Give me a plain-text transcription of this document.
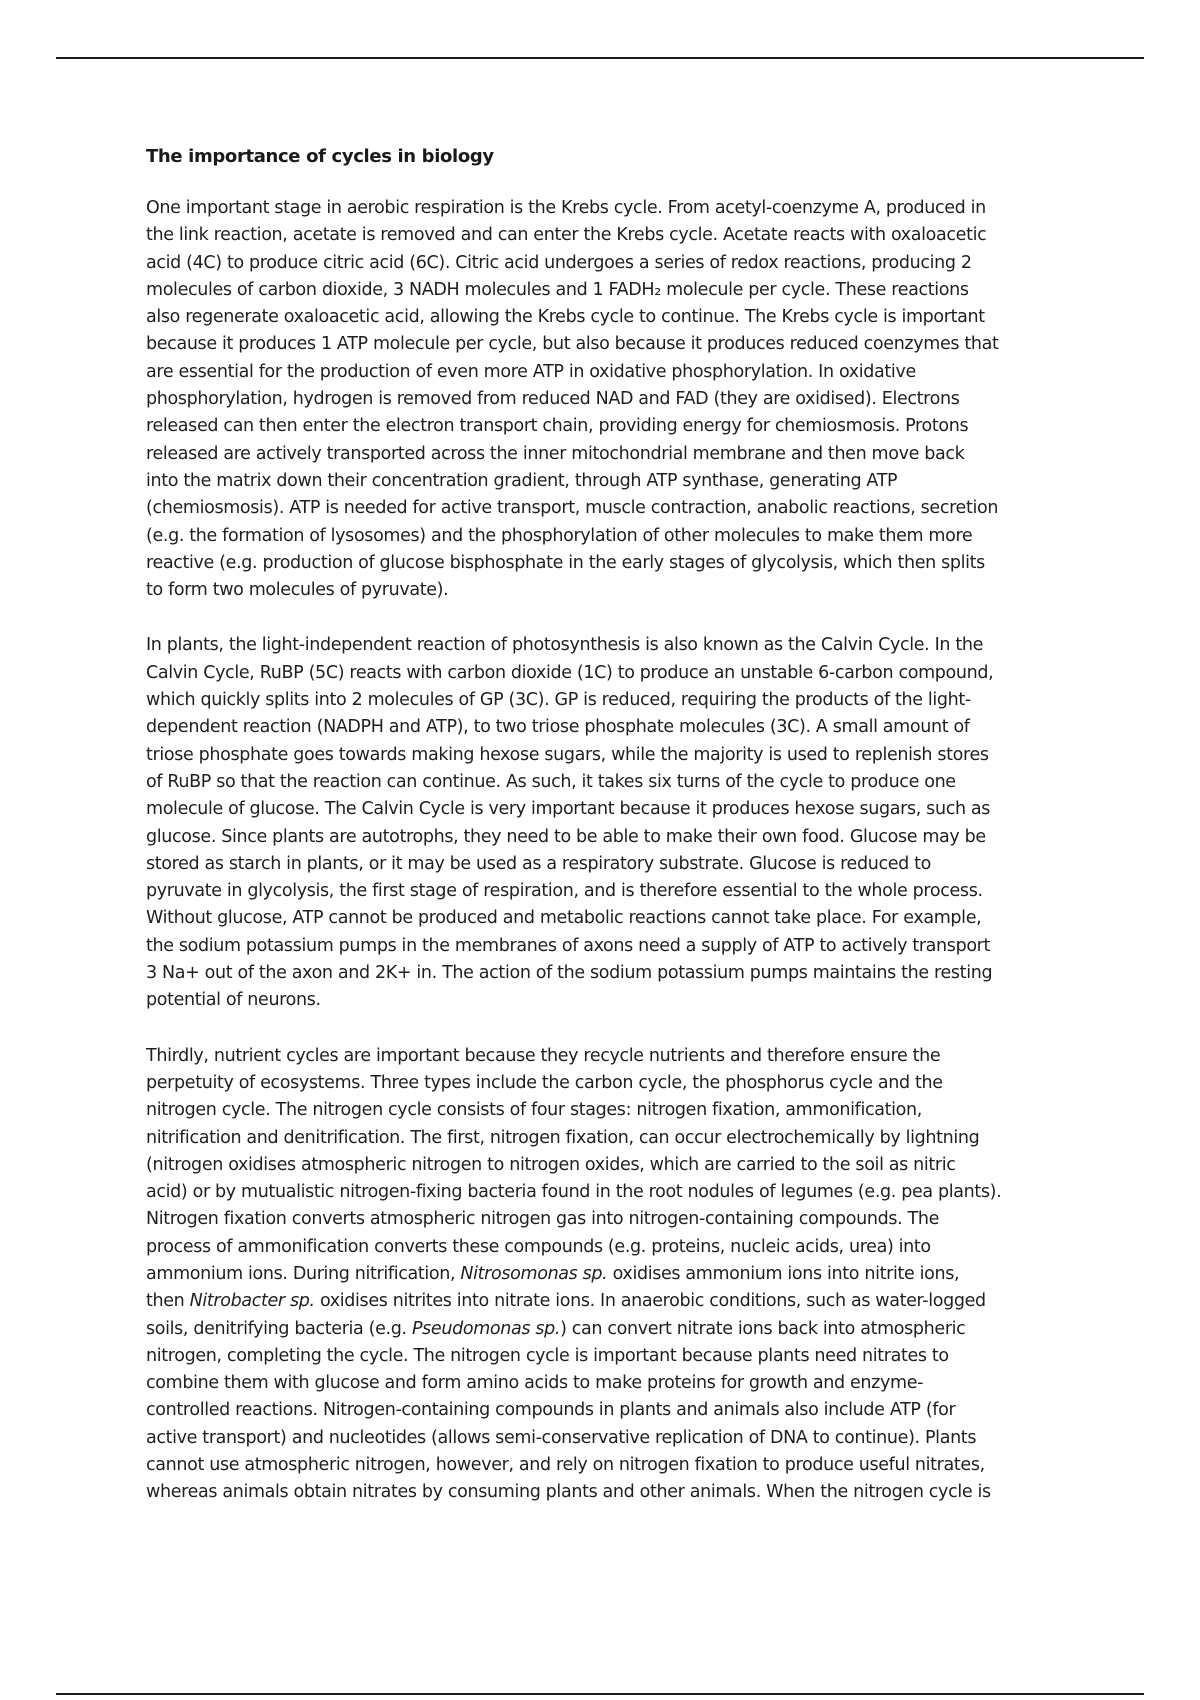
The importance of cycles in biology
One important stage in aerobic respiration is the Krebs cycle. From acetyl-coenzyme A, produced in
the link reaction, acetate is removed and can enter the Krebs cycle. Acetate reacts with oxaloacetic
acid (4C) to produce citric acid (6C). Citric acid undergoes a series of redox reactions, producing 2
molecules of carbon dioxide, 3 NADH molecules and 1 FADH₂ molecule per cycle. These reactions
also regenerate oxaloacetic acid, allowing the Krebs cycle to continue. The Krebs cycle is important
because it produces 1 ATP molecule per cycle, but also because it produces reduced coenzymes that
are essential for the production of even more ATP in oxidative phosphorylation. In oxidative
phosphorylation, hydrogen is removed from reduced NAD and FAD (they are oxidised). Electrons
released can then enter the electron transport chain, providing energy for chemiosmosis. Protons
released are actively transported across the inner mitochondrial membrane and then move back
into the matrix down their concentration gradient, through ATP synthase, generating ATP
(chemiosmosis). ATP is needed for active transport, muscle contraction, anabolic reactions, secretion
(e.g. the formation of lysosomes) and the phosphorylation of other molecules to make them more
reactive (e.g. production of glucose bisphosphate in the early stages of glycolysis, which then splits
to form two molecules of pyruvate).
In plants, the light-independent reaction of photosynthesis is also known as the Calvin Cycle. In the
Calvin Cycle, RuBP (5C) reacts with carbon dioxide (1C) to produce an unstable 6-carbon compound,
which quickly splits into 2 molecules of GP (3C). GP is reduced, requiring the products of the light-
dependent reaction (NADPH and ATP), to two triose phosphate molecules (3C). A small amount of
triose phosphate goes towards making hexose sugars, while the majority is used to replenish stores
of RuBP so that the reaction can continue. As such, it takes six turns of the cycle to produce one
molecule of glucose. The Calvin Cycle is very important because it produces hexose sugars, such as
glucose. Since plants are autotrophs, they need to be able to make their own food. Glucose may be
stored as starch in plants, or it may be used as a respiratory substrate. Glucose is reduced to
pyruvate in glycolysis, the first stage of respiration, and is therefore essential to the whole process.
Without glucose, ATP cannot be produced and metabolic reactions cannot take place. For example,
the sodium potassium pumps in the membranes of axons need a supply of ATP to actively transport
3 Na+ out of the axon and 2K+ in. The action of the sodium potassium pumps maintains the resting
potential of neurons.
Thirdly, nutrient cycles are important because they recycle nutrients and therefore ensure the
perpetuity of ecosystems. Three types include the carbon cycle, the phosphorus cycle and the
nitrogen cycle. The nitrogen cycle consists of four stages: nitrogen fixation, ammonification,
nitrification and denitrification. The first, nitrogen fixation, can occur electrochemically by lightning
(nitrogen oxidises atmospheric nitrogen to nitrogen oxides, which are carried to the soil as nitric
acid) or by mutualistic nitrogen-fixing bacteria found in the root nodules of legumes (e.g. pea plants).
Nitrogen fixation converts atmospheric nitrogen gas into nitrogen-containing compounds. The
process of ammonification converts these compounds (e.g. proteins, nucleic acids, urea) into
ammonium ions. During nitrification, Nitrosomonas sp. oxidises ammonium ions into nitrite ions,
then Nitrobacter sp. oxidises nitrites into nitrate ions. In anaerobic conditions, such as water-logged
soils, denitrifying bacteria (e.g. Pseudomonas sp.) can convert nitrate ions back into atmospheric
nitrogen, completing the cycle. The nitrogen cycle is important because plants need nitrates to
combine them with glucose and form amino acids to make proteins for growth and enzyme-
controlled reactions. Nitrogen-containing compounds in plants and animals also include ATP (for
active transport) and nucleotides (allows semi-conservative replication of DNA to continue). Plants
cannot use atmospheric nitrogen, however, and rely on nitrogen fixation to produce useful nitrates,
whereas animals obtain nitrates by consuming plants and other animals. When the nitrogen cycle is
